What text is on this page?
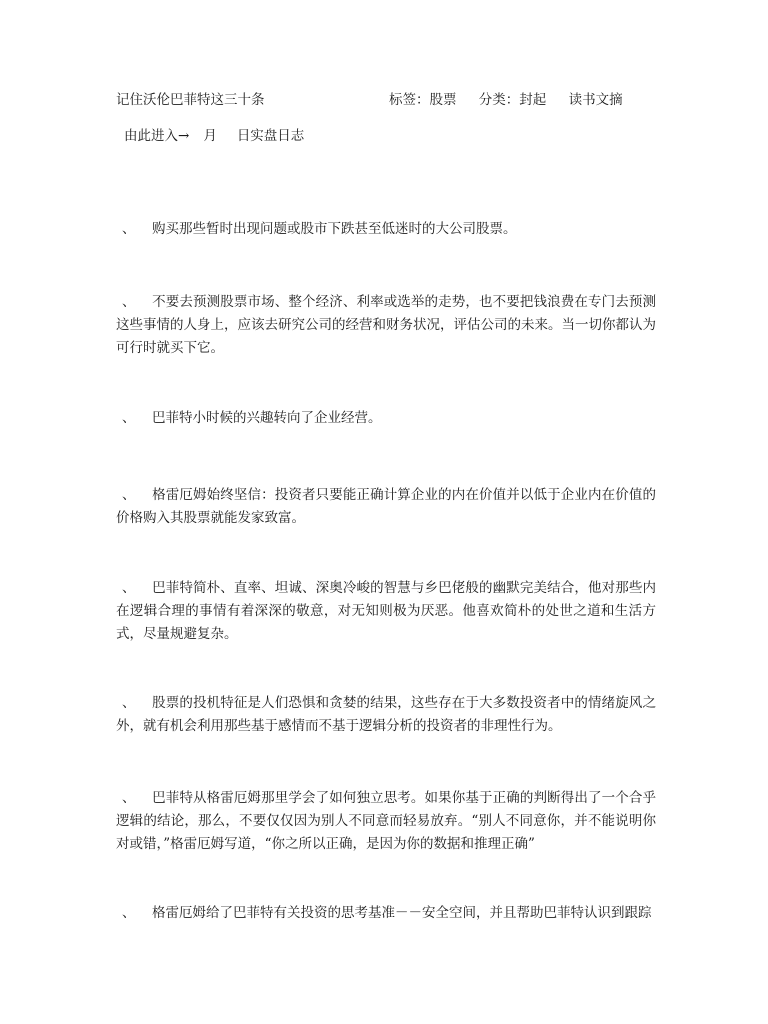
记住沃伦巴菲特这三十条	标签：股票 分类：封起 读书文摘
由此进入→ 月 日实盘日志
、 购买那些暂时出现问题或股市下跌甚至低迷时的大公司股票。
、 不要去预测股票市场、整个经济、利率或选举的走势，也不要把钱浪费在专门去预测这些事情的人身上，应该去研究公司的经营和财务状况，评估公司的未来。当一切你都认为可行时就买下它。
、 巴菲特小时候的兴趣转向了企业经营。
、 格雷厄姆始终坚信：投资者只要能正确计算企业的内在价值并以低于企业内在价值的价格购入其股票就能发家致富。
、 巴菲特简朴、直率、坦诚、深奥冷峻的智慧与乡巴佬般的幽默完美结合，他对那些内在逻辑合理的事情有着深深的敬意，对无知则极为厌恶。他喜欢简朴的处世之道和生活方式，尽量规避复杂。
、 股票的投机特征是人们恐惧和贪婪的结果，这些存在于大多数投资者中的情绪旋风之外，就有机会利用那些基于感情而不基于逻辑分析的投资者的非理性行为。
、 巴菲特从格雷厄姆那里学会了如何独立思考。如果你基于正确的判断得出了一个合乎逻辑的结论，那么，不要仅仅因为别人不同意而轻易放弃。“别人不同意你，并不能说明你对或错，”格雷厄姆写道，“你之所以正确，是因为你的数据和推理正确”
、 格雷厄姆给了巴菲特有关投资的思考基准－－安全空间，并且帮助巴菲特认识到跟踪
